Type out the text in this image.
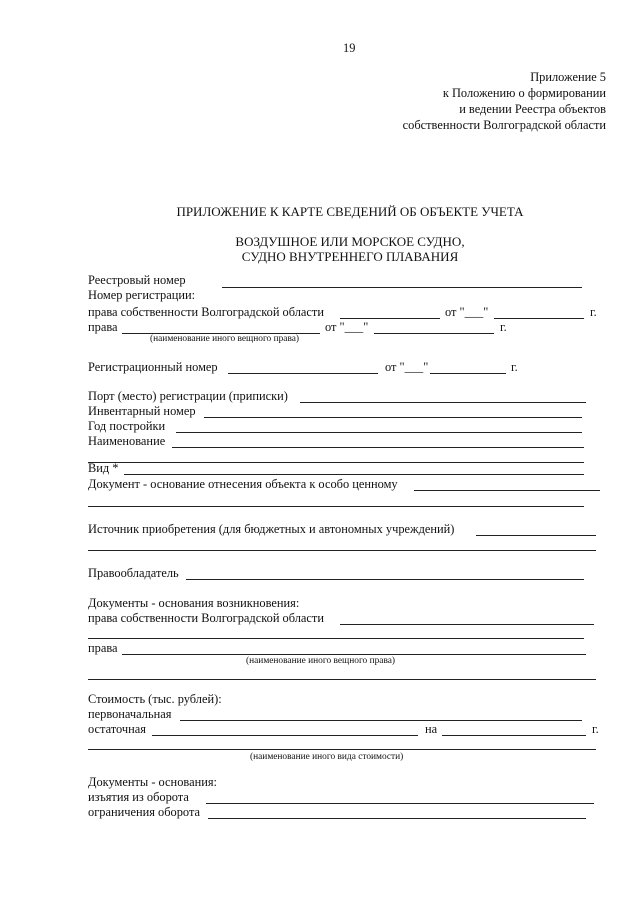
19
Приложение 5
к Положению о формировании
и ведении Реестра объектов
собственности Волгоградской области
ПРИЛОЖЕНИЕ К КАРТЕ СВЕДЕНИЙ ОБ ОБЪЕКТЕ УЧЕТА
ВОЗДУШНОЕ ИЛИ МОРСКОЕ СУДНО,
СУДНО ВНУТРЕННЕГО ПЛАВАНИЯ
Реестровый номер
Номер регистрации:
права собственности Волгоградской области	от "___"	г.
права	от "___"	г.
(наименование иного вещного права)
Регистрационный номер	от "___"	г.
Порт (место) регистрации (приписки)
Инвентарный номер
Год постройки
Наименование
Вид *
Документ - основание отнесения объекта к особо ценному
Источник приобретения (для бюджетных и автономных учреждений)
Правообладатель
Документы - основания возникновения:
права собственности Волгоградской области
права
(наименование иного вещного права)
Стоимость (тыс. рублей):
первоначальная
остаточная	на	г.
(наименование иного вида стоимости)
Документы - основания:
изъятия из оборота
ограничения оборота
